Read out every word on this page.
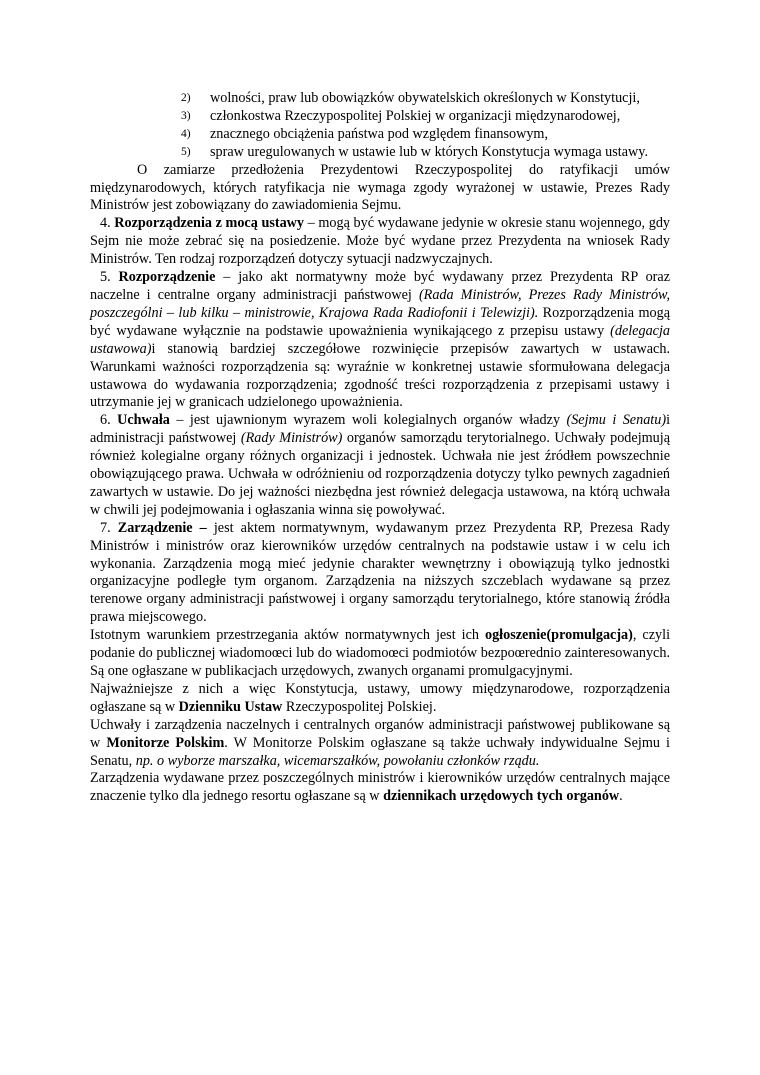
2) wolności, praw lub obowiązków obywatelskich określonych w Konstytucji,
3) członkostwa Rzeczypospolitej Polskiej w organizacji międzynarodowej,
4) znacznego obciążenia państwa pod względem finansowym,
5) spraw uregulowanych w ustawie lub w których Konstytucja wymaga ustawy.

O zamiarze przedłożenia Prezydentowi Rzeczypospolitej do ratyfikacji umów międzynarodowych, których ratyfikacja nie wymaga zgody wyrażonej w ustawie, Prezes Rady Ministrów jest zobowiązany do zawiadomienia Sejmu.

4. Rozporządzenia z mocą ustawy – mogą być wydawane jedynie w okresie stanu wojennego, gdy Sejm nie może zebrać się na posiedzenie. Może być wydane przez Prezydenta na wniosek Rady Ministrów. Ten rodzaj rozporządzeń dotyczy sytuacji nadzwyczajnych.

5. Rozporządzenie – jako akt normatywny może być wydawany przez Prezydenta RP oraz naczelne i centralne organy administracji państwowej (Rada Ministrów, Prezes Rady Ministrów, poszczególni – lub kilku – ministrowie, Krajowa Rada Radiofonii i Telewizji). Rozporządzenia mogą być wydawane wyłącznie na podstawie upoważnienia wynikającego z przepisu ustawy (delegacja ustawowa)i stanowią bardziej szczegółowe rozwinięcie przepisów zawartych w ustawach. Warunkami ważności rozporządzenia są: wyraźnie w konkretnej ustawie sformułowana delegacja ustawowa do wydawania rozporządzenia; zgodność treści rozporządzenia z przepisami ustawy i utrzymanie jej w granicach udzielonego upoważnienia.

6. Uchwała – jest ujawnionym wyrazem woli kolegialnych organów władzy (Sejmu i Senatu)i administracji państwowej (Rady Ministrów) organów samorządu terytorialnego. Uchwały podejmują również kolegialne organy różnych organizacji i jednostek. Uchwała nie jest źródłem powszechnie obowiązującego prawa. Uchwała w odróżnieniu od rozporządzenia dotyczy tylko pewnych zagadnień zawartych w ustawie. Do jej ważności niezbędna jest również delegacja ustawowa, na którą uchwała w chwili jej podejmowania i ogłaszania winna się powoływać.

7. Zarządzenie – jest aktem normatywnym, wydawanym przez Prezydenta RP, Prezesa Rady Ministrów i ministrów oraz kierowników urzędów centralnych na podstawie ustaw i w celu ich wykonania. Zarządzenia mogą mieć jedynie charakter wewnętrzny i obowiązują tylko jednostki organizacyjne podległe tym organom. Zarządzenia na niższych szczeblach wydawane są przez terenowe organy administracji państwowej i organy samorządu terytorialnego, które stanowią źródła prawa miejscowego.

Istotnym warunkiem przestrzegania aktów normatywnych jest ich ogłoszenie(promulgacja), czyli podanie do publicznej wiadomoœci lub do wiadomoœci podmiotów bezpoœrednio zainteresowanych. Są one ogłaszane w publikacjach urzędowych, zwanych organami promulgacyjnymi.

Najważniejsze z nich a więc Konstytucja, ustawy, umowy międzynarodowe, rozporządzenia ogłaszane są w Dzienniku Ustaw Rzeczypospolitej Polskiej.

Uchwały i zarządzenia naczelnych i centralnych organów administracji państwowej publikowane są w Monitorze Polskim. W Monitorze Polskim ogłaszane są także uchwały indywidualne Sejmu i Senatu, np. o wyborze marszałka, wicemarszałków, powołaniu członków rządu.

Zarządzenia wydawane przez poszczególnych ministrów i kierowników urzędów centralnych mające znaczenie tylko dla jednego resortu ogłaszane są w dziennikach urzędowych tych organów.
